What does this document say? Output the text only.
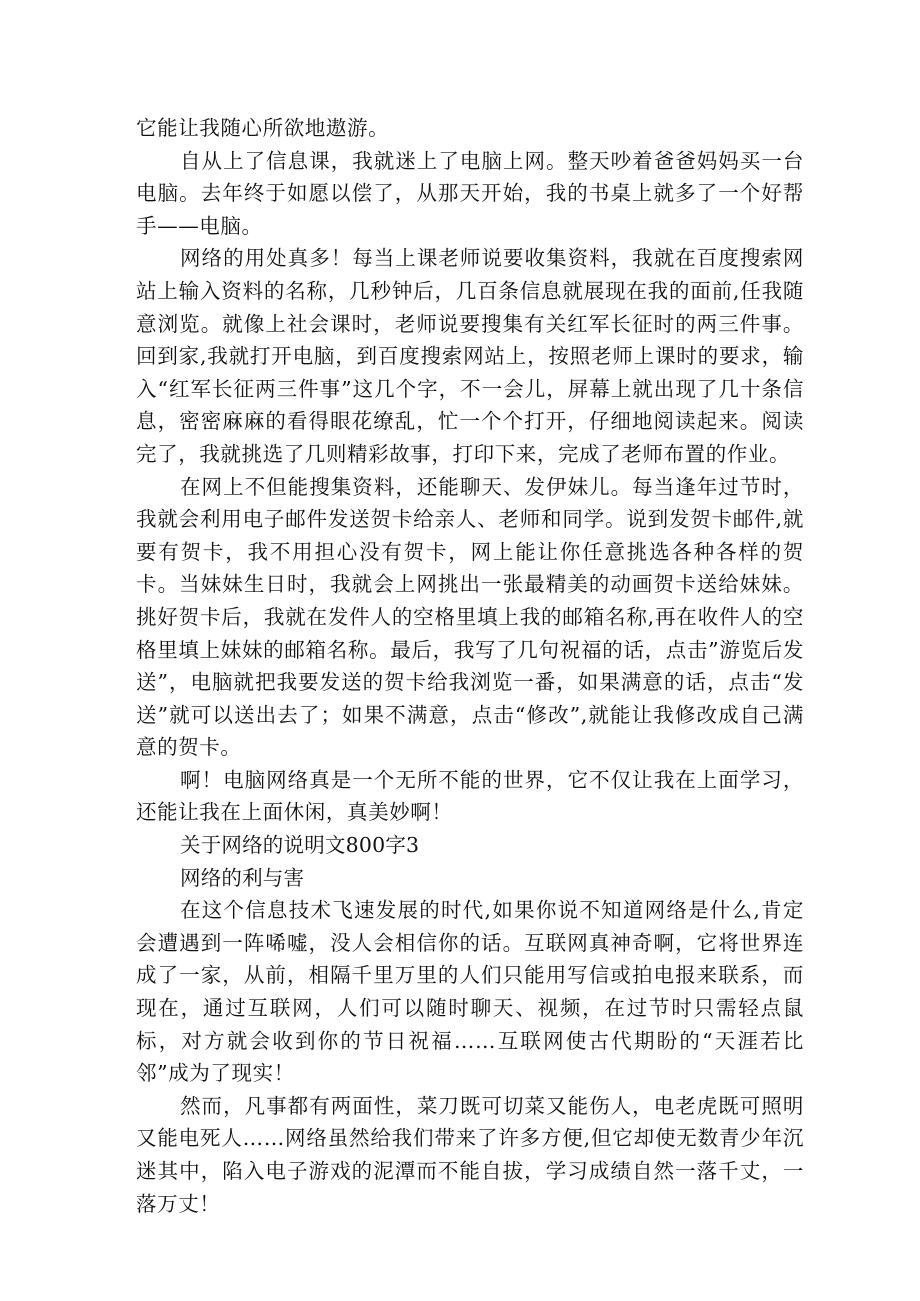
它能让我随心所欲地遨游。

自从上了信息课，我就迷上了电脑上网。整天吵着爸爸妈妈买一台电脑。去年终于如愿以偿了，从那天开始，我的书桌上就多了一个好帮手——电脑。

网络的用处真多！每当上课老师说要收集资料，我就在百度搜索网站上输入资料的名称，几秒钟后，几百条信息就展现在我的面前,任我随意浏览。就像上社会课时，老师说要搜集有关红军长征时的两三件事。回到家,我就打开电脑，到百度搜索网站上，按照老师上课时的要求，输入“红军长征两三件事”这几个字，不一会儿，屏幕上就出现了几十条信息，密密麻麻的看得眼花缭乱，忙一个个打开，仔细地阅读起来。阅读完了，我就挑选了几则精彩故事，打印下来，完成了老师布置的作业。

在网上不但能搜集资料，还能聊天、发伊妹儿。每当逢年过节时，我就会利用电子邮件发送贺卡给亲人、老师和同学。说到发贺卡邮件,就要有贺卡，我不用担心没有贺卡，网上能让你任意挑选各种各样的贺卡。当妹妹生日时，我就会上网挑出一张最精美的动画贺卡送给妹妹。挑好贺卡后，我就在发件人的空格里填上我的邮箱名称,再在收件人的空格里填上妹妹的邮箱名称。最后，我写了几句祝福的话，点击”游览后发送”，电脑就把我要发送的贺卡给我浏览一番，如果满意的话，点击“发送”就可以送出去了；如果不满意，点击“修改”,就能让我修改成自己满意的贺卡。

啊！电脑网络真是一个无所不能的世界，它不仅让我在上面学习，还能让我在上面休闲，真美妙啊！

关于网络的说明文800字3

网络的利与害

在这个信息技术飞速发展的时代,如果你说不知道网络是什么,肯定会遭遇到一阵唏嘘，没人会相信你的话。互联网真神奇啊，它将世界连成了一家，从前，相隔千里万里的人们只能用写信或拍电报来联系，而现在，通过互联网，人们可以随时聊天、视频，在过节时只需轻点鼠标，对方就会收到你的节日祝福……互联网使古代期盼的“天涯若比邻”成为了现实！

然而，凡事都有两面性，菜刀既可切菜又能伤人，电老虎既可照明又能电死人……网络虽然给我们带来了许多方便,但它却使无数青少年沉迷其中，陷入电子游戏的泥潭而不能自拔，学习成绩自然一落千丈，一落万丈！
